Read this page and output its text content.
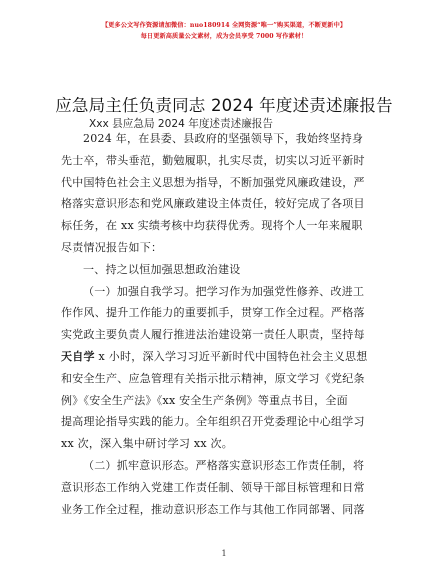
【更多公文写作资源请加微信：nuo180914 全网资源“唯一”购买渠道，不断更新中】
每日更新高质量公文素材，成为会员享受 7000 写作素材！
应急局主任负责同志 2024 年度述责述廉报告
Xxx 县应急局 2024 年度述责述廉报告

2024 年，在县委、县政府的坚强领导下，我始终坚持身

先士卒，带头垂范，勤勉履职，扎实尽责，切实以习近平新时

代中国特色社会主义思想为指导，不断加强党风廉政建设，严

格落实意识形态和党风廉政建设主体责任，较好完成了各项目

标任务，在 xx 实绩考核中均获得优秀。现将个人一年来履职

尽责情况报告如下：

一、持之以恒加强思想政治建设

（一）加强自我学习。把学习作为加强党性修养、改进工

作作风、提升工作能力的重要抓手，贯穿工作全过程。严格落

实党政主要负责人履行推进法治建设第一责任人职责，坚持每

天自学 x 小时，深入学习习近平新时代中国特色社会主义思想

和安全生产、应急管理有关指示批示精神，原文学习《党纪条

例》《安全生产法》《xx 安全生产条例》等重点书目，全面

提高理论指导实践的能力。全年组织召开党委理论中心组学习

xx 次，深入集中研讨学习 xx 次。

（二）抓牢意识形态。严格落实意识形态工作责任制，将

意识形态工作纳入党建工作责任制、领导干部目标管理和日常

业务工作全过程，推动意识形态工作与其他工作同部署、同落

1
